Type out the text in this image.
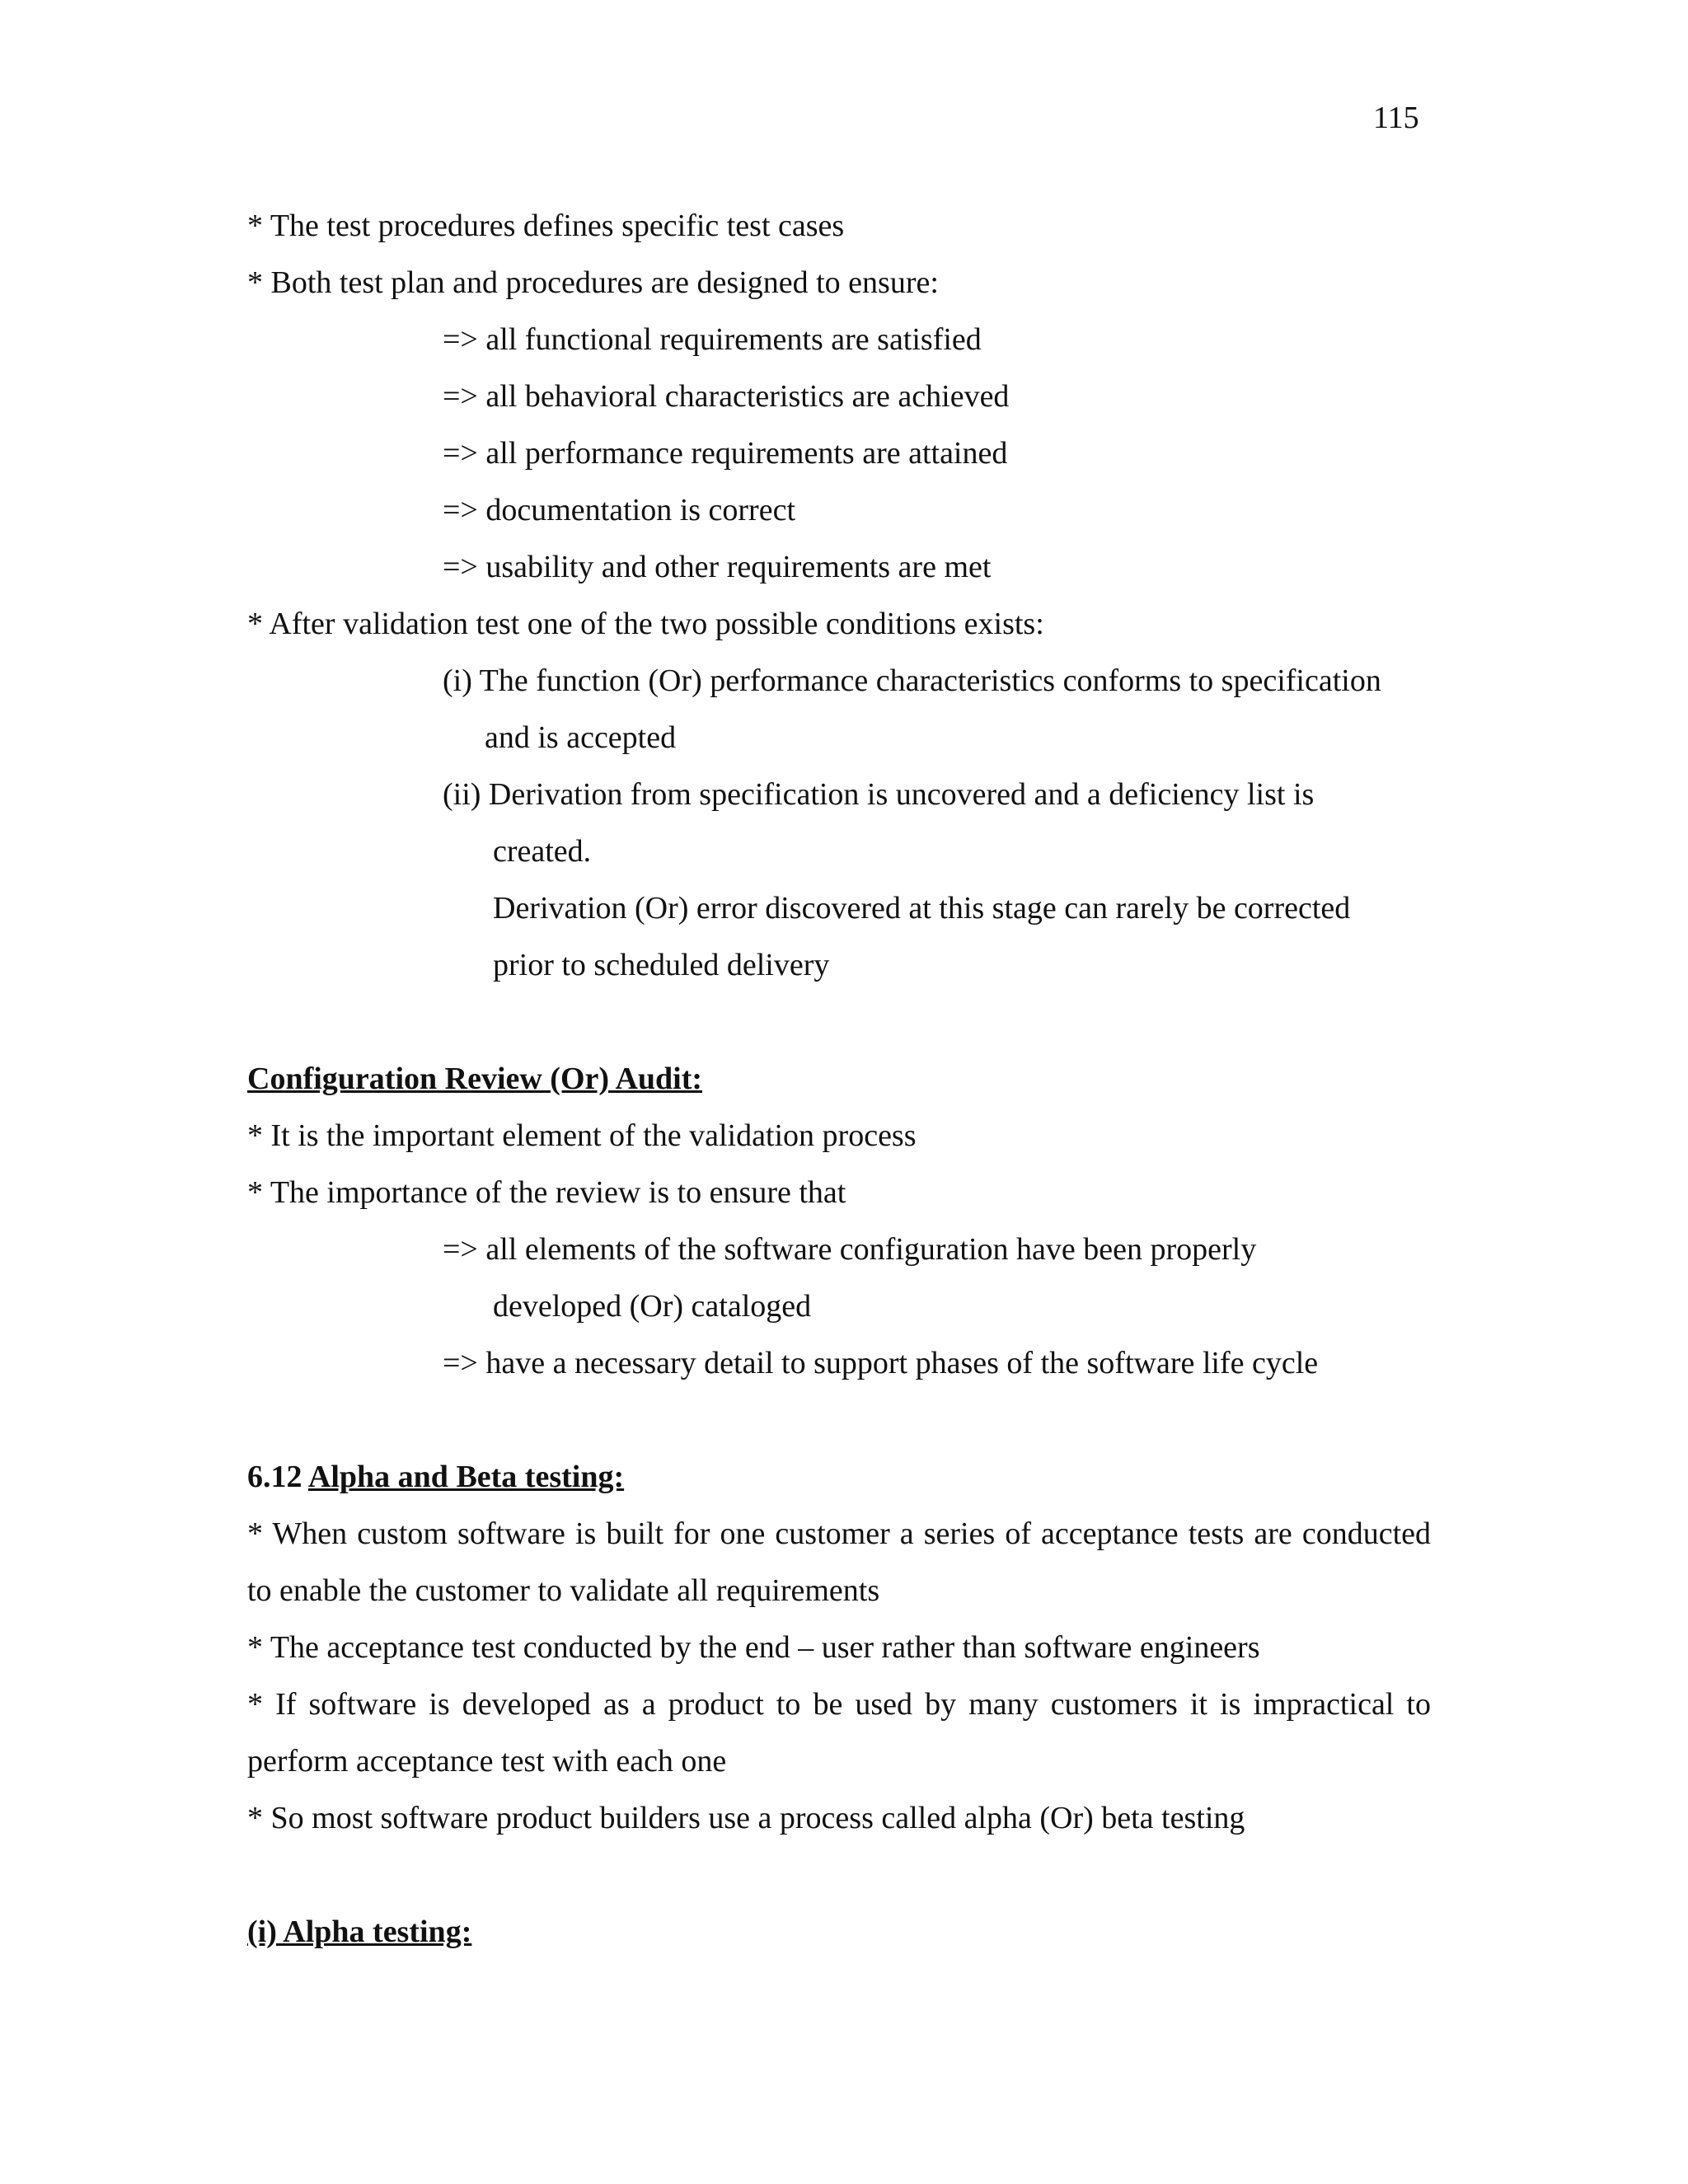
115

* The test procedures defines specific test cases

* Both test plan and procedures are designed to ensure:

=> all functional requirements are satisfied

=> all behavioral characteristics are achieved

=> all performance requirements are attained

=> documentation is correct

=> usability and other requirements are met

* After validation test one of the two possible conditions exists:

(i) The function (Or) performance characteristics conforms to specification

and is accepted

(ii) Derivation from specification is uncovered and a deficiency list is

created.

Derivation (Or) error discovered at this stage can rarely be corrected

prior to scheduled delivery

Configuration Review (Or) Audit:

* It is the important element of the validation process

* The importance of the review is to ensure that

=> all elements of the software configuration have been properly

developed (Or) cataloged

=> have a necessary detail to support phases of the software life cycle

6.12 Alpha and Beta testing:

* When custom software is built for one customer a series of acceptance tests are conducted to enable the customer to validate all requirements

* The acceptance test conducted by the end – user rather than software engineers

* If software is developed as a product to be used by many customers it is impractical to perform acceptance test with each one

* So most software product builders use a process called alpha (Or) beta testing

(i) Alpha testing:
